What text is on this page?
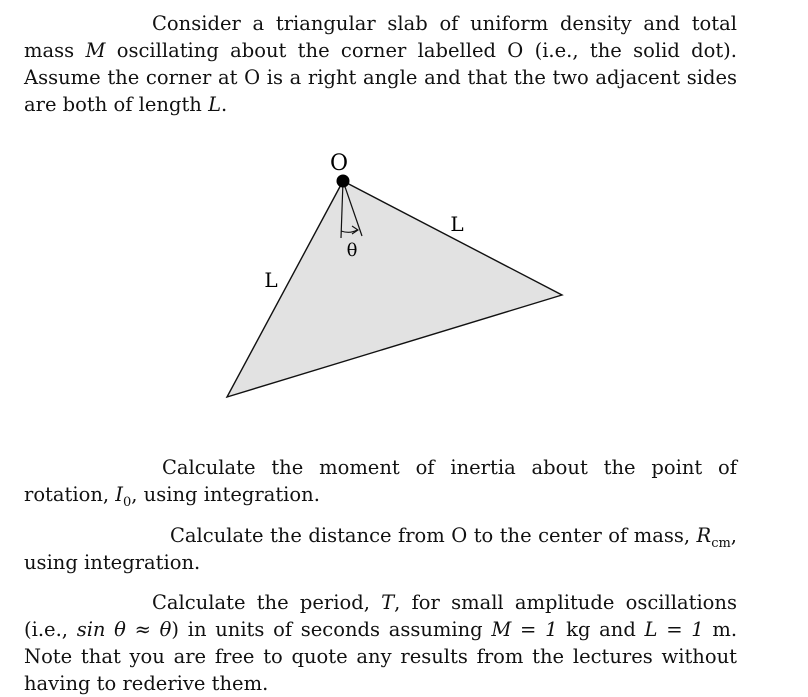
Consider a triangular slab of uniform density and total mass M oscillating about the corner labelled O (i.e., the solid dot). Assume the corner at O is a right angle and that the two adjacent sides are both of length L.

O
L
L
θ

Calculate the moment of inertia about the point of rotation, $I_0$, using integration.

Calculate the distance from O to the center of mass, $R_{cm}$, using integration.

Calculate the period, T, for small amplitude oscillations (i.e., sin θ ≈ θ) in units of seconds assuming M = 1 kg and L = 1 m. Note that you are free to quote any results from the lectures without having to rederive them.
